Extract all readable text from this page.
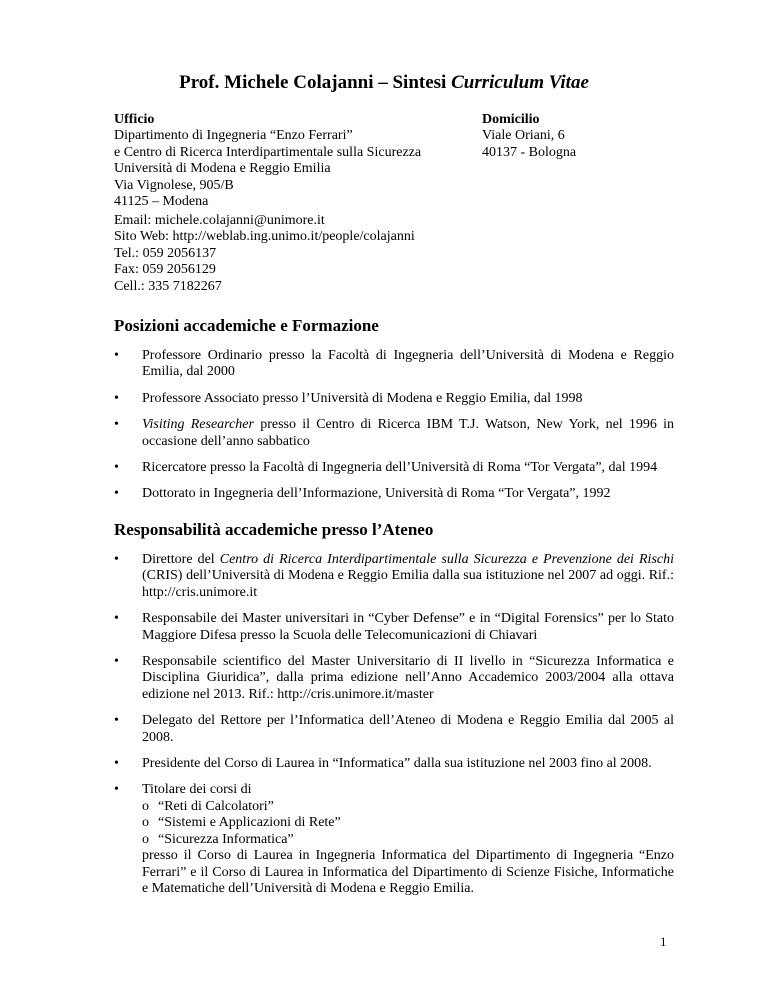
Prof. Michele Colajanni – Sintesi Curriculum Vitae
Ufficio
Dipartimento di Ingegneria “Enzo Ferrari”
e Centro di Ricerca Interdipartimentale sulla Sicurezza
Università di Modena e Reggio Emilia
Via Vignolese, 905/B
41125 – Modena
Domicilio
Viale Oriani, 6
40137 - Bologna
Email: michele.colajanni@unimore.it
Sito Web: http://weblab.ing.unimo.it/people/colajanni
Tel.: 059 2056137
Fax: 059 2056129
Cell.: 335 7182267
Posizioni accademiche e Formazione
• Professore Ordinario presso la Facoltà di Ingegneria dell’Università di Modena e Reggio Emilia, dal 2000
• Professore Associato presso l’Università di Modena e Reggio Emilia, dal 1998
• Visiting Researcher presso il Centro di Ricerca IBM T.J. Watson, New York, nel 1996 in occasione dell’anno sabbatico
• Ricercatore presso la Facoltà di Ingegneria dell’Università di Roma “Tor Vergata”, dal 1994
• Dottorato in Ingegneria dell’Informazione, Università di Roma “Tor Vergata”, 1992
Responsabilità accademiche presso l’Ateneo
• Direttore del Centro di Ricerca Interdipartimentale sulla Sicurezza e Prevenzione dei Rischi (CRIS) dell’Università di Modena e Reggio Emilia dalla sua istituzione nel 2007 ad oggi. Rif.: http://cris.unimore.it
• Responsabile dei Master universitari in “Cyber Defense” e in “Digital Forensics” per lo Stato Maggiore Difesa presso la Scuola delle Telecomunicazioni di Chiavari
• Responsabile scientifico del Master Universitario di II livello in “Sicurezza Informatica e Disciplina Giuridica”, dalla prima edizione nell’Anno Accademico 2003/2004 alla ottava edizione nel 2013. Rif.: http://cris.unimore.it/master
• Delegato del Rettore per l’Informatica dell’Ateneo di Modena e Reggio Emilia dal 2005 al 2008.
• Presidente del Corso di Laurea in “Informatica” dalla sua istituzione nel 2003 fino al 2008.
• Titolare dei corsi di
o “Reti di Calcolatori”
o “Sistemi e Applicazioni di Rete”
o “Sicurezza Informatica”
presso il Corso di Laurea in Ingegneria Informatica del Dipartimento di Ingegneria “Enzo Ferrari” e il Corso di Laurea in Informatica del Dipartimento di Scienze Fisiche, Informatiche e Matematiche dell’Università di Modena e Reggio Emilia.
1
